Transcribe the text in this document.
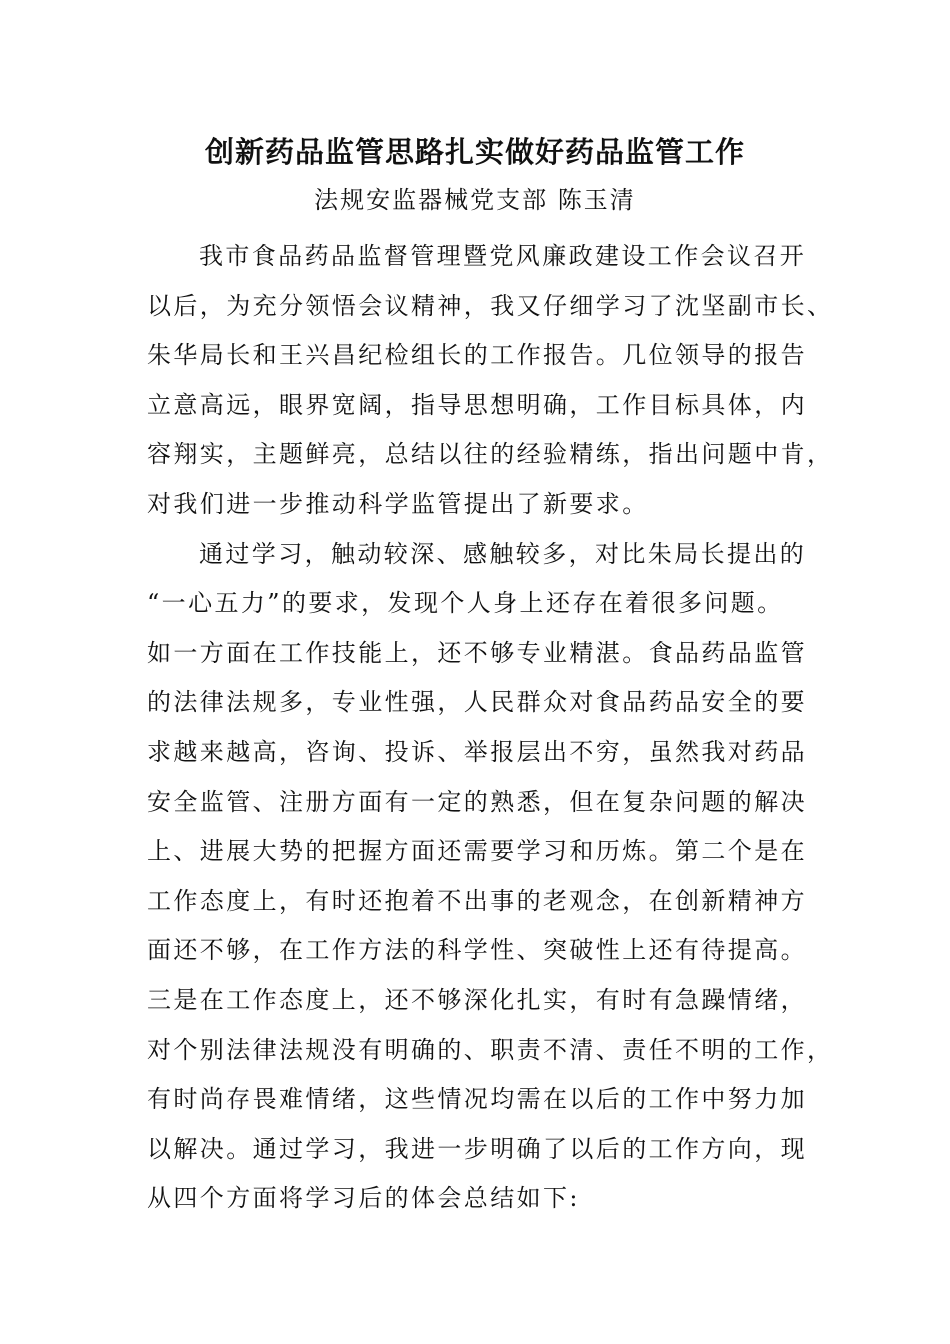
创新药品监管思路扎实做好药品监管工作
法规安监器械党支部 陈玉清
我市食品药品监督管理暨党风廉政建设工作会议召开
以后，为充分领悟会议精神，我又仔细学习了沈坚副市长、
朱华局长和王兴昌纪检组长的工作报告。几位领导的报告
立意高远，眼界宽阔，指导思想明确，工作目标具体，内
容翔实，主题鲜亮，总结以往的经验精练，指出问题中肯，
对我们进一步推动科学监管提出了新要求。
通过学习，触动较深、感触较多，对比朱局长提出的
“一心五力”的要求，发现个人身上还存在着很多问题。
如一方面在工作技能上，还不够专业精湛。食品药品监管
的法律法规多，专业性强，人民群众对食品药品安全的要
求越来越高，咨询、投诉、举报层出不穷，虽然我对药品
安全监管、注册方面有一定的熟悉，但在复杂问题的解决
上、进展大势的把握方面还需要学习和历炼。第二个是在
工作态度上，有时还抱着不出事的老观念，在创新精神方
面还不够，在工作方法的科学性、突破性上还有待提高。
三是在工作态度上，还不够深化扎实，有时有急躁情绪，
对个别法律法规没有明确的、职责不清、责任不明的工作，
有时尚存畏难情绪，这些情况均需在以后的工作中努力加
以解决。通过学习，我进一步明确了以后的工作方向，现
从四个方面将学习后的体会总结如下:
